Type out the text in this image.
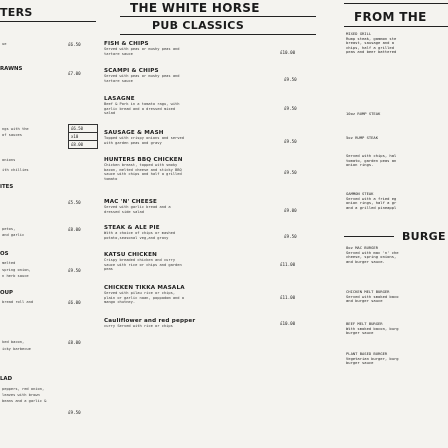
TERS
ue	£6.50
RAWNS
£7.00
ngs with the
of sauces
onions
ith chillies
£6.50
x10
£8.00
ITES
£5.50
petos,	£8.00
and garlic
OS
melted
spring onion,	£9.50
n herb sauce
OUP
bread roll and	£6.00
ked bacon,	£8.00
icky barbecue
LAD
peppers, red onion,
leaves with brown
beans and a garlic &
£9.50
THE WHITE HORSE
PUB CLASSICS
FISH & CHIPS
Served with peas or mushy peas and
tartare sauce	£10.00
SCAMPI & CHIPS
Served with peas or mushy peas and
tartare sauce	£9.50
LASAGNE
Beef & Pork in a tomato ragu, with
garlic bread and a dressed mixed
salad
£9.50
SAUSAGE & MASH
Topped with crispy onions and served
with garden peas and gravy	£9.50
HUNTERS BBQ CHICKEN
Chicken breast, topped with smoky
bacon, melted cheese and sticky BBQ
sauce with chips and half a grilled
tomato
£9.50
MAC 'N' CHEESE
Served with garlic bread and a
dressed side salad	£9.00
STEAK & ALE PIE
With a choice of chips or mashed
potato,seasonal veg,and gravy	£9.50
KATSU CHICKEN
Crispy breaded chicken and curry
sauce with rice or chips and garden
peas
£11.00
CHICKEN TIKKA MASALA
Served with pilau rice or chips,
plain or garlic naan, poppadom and a
mango chutney.
£11.00
Cauliflower and red pepper
curry Served with rice or chips	£10.00
FROM THE
MIXED GRILL
Rump steak, gammon ste
breast, sausage and a
chips, half a grilled
peas and beer battered
10oz RUMP STEAK
5oz RUMP STEAK
Served with chips, hal
tomato, garden peas an
onion rings.
GAMMON STEAK
Served with a fried eg
onion rings, half a gr
and a grilled pineappl
BURGE
8oz MAC BURGER
Served with mac 'n' che
cheese, spring onions,
and burger sauce.
CHICKEN MELT BURGER
Served with smoked baco
and burger sauce
BEEF MELT BURGER
With smoked bacon, burg
burger sauce
PLANT BASED BURGER
Vegetarian burger, burg
burger sauce
